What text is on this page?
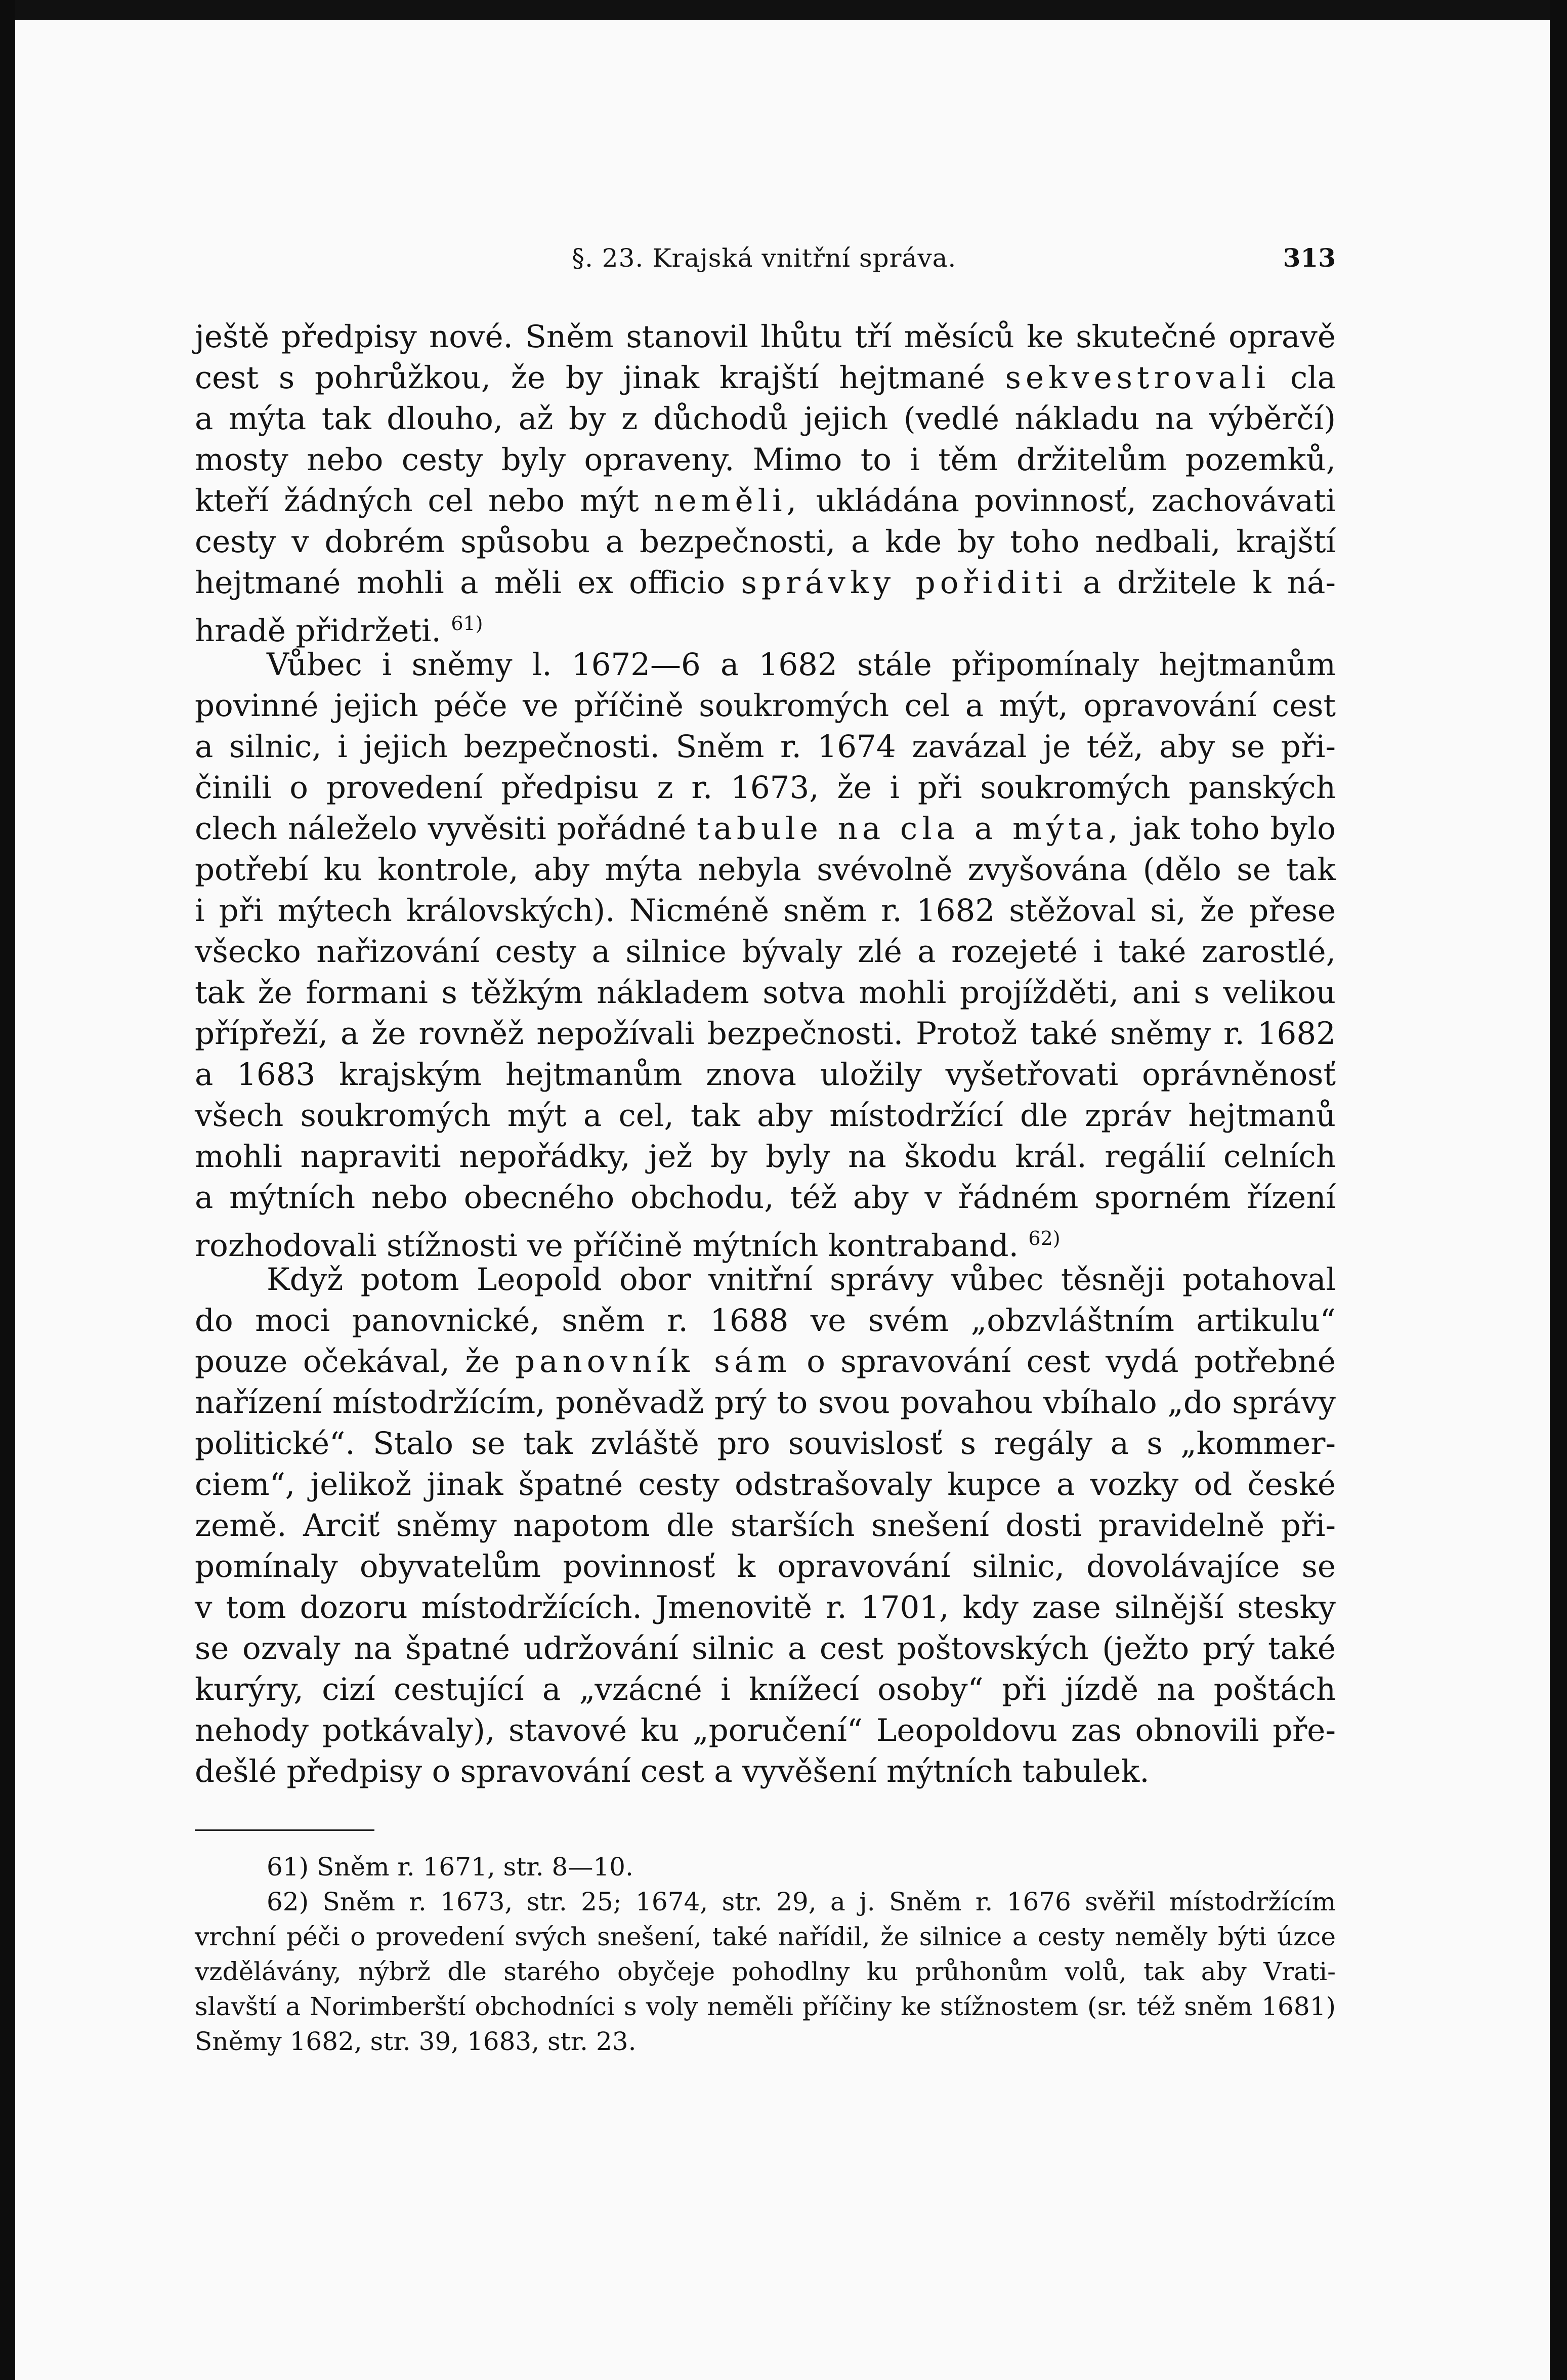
§. 23. Krajská vnitřní správa.	313
ještě předpisy nové. Sněm stanovil lhůtu tří měsíců ke skutečné opravě
cest s pohrůžkou, že by jinak krajští hejtmané sekvestrovali cla
a mýta tak dlouho, až by z důchodů jejich (vedlé nákladu na výběrčí)
mosty nebo cesty byly opraveny. Mimo to i těm držitelům pozemků,
kteří žádných cel nebo mýt neměli, ukládána povinnosť, zachovávati
cesty v dobrém spůsobu a bezpečnosti, a kde by toho nedbali, krajští
hejtmané mohli a měli ex officio správky pořiditi a držitele k ná-
hradě přidržeti. $^{61)}$
Vůbec i sněmy l. 1672—6 a 1682 stále připomínaly hejtmanům
povinné jejich péče ve příčině soukromých cel a mýt, opravování cest
a silnic, i jejich bezpečnosti. Sněm r. 1674 zavázal je též, aby se při-
činili o provedení předpisu z r. 1673, že i při soukromých panských
clech náleželo vyvěsiti pořádné tabule na cla a mýta, jak toho bylo
potřebí ku kontrole, aby mýta nebyla svévolně zvyšována (dělo se tak
i při mýtech královských). Nicméně sněm r. 1682 stěžoval si, že přese
všecko nařizování cesty a silnice bývaly zlé a rozejeté i také zarostlé,
tak že formani s těžkým nákladem sotva mohli projížděti, ani s velikou
přípřeží, a že rovněž nepožívali bezpečnosti. Protož také sněmy r. 1682
a 1683 krajským hejtmanům znova uložily vyšetřovati oprávněnosť
všech soukromých mýt a cel, tak aby místodržící dle zpráv hejtmanů
mohli napraviti nepořádky, jež by byly na škodu král. regálií celních
a mýtních nebo obecného obchodu, též aby v řádném sporném řízení
rozhodovali stížnosti ve příčině mýtních kontraband. $^{62)}$
Když potom Leopold obor vnitřní správy vůbec těsněji potahoval
do moci panovnické, sněm r. 1688 ve svém „obzvláštním artikulu“
pouze očekával, že panovník sám o spravování cest vydá potřebné
nařízení místodržícím, poněvadž prý to svou povahou vbíhalo „do správy
politické“. Stalo se tak zvláště pro souvislosť s regály a s „kommer-
ciem“, jelikož jinak špatné cesty odstrašovaly kupce a vozky od české
země. Arciť sněmy napotom dle starších snešení dosti pravidelně při-
pomínaly obyvatelům povinnosť k opravování silnic, dovolávajíce se
v tom dozoru místodržících. Jmenovitě r. 1701, kdy zase silnější stesky
se ozvaly na špatné udržování silnic a cest poštovských (ježto prý také
kurýry, cizí cestující a „vzácné i knížecí osoby“ při jízdě na poštách
nehody potkávaly), stavové ku „poručení“ Leopoldovu zas obnovili pře-
dešlé předpisy o spravování cest a vyvěšení mýtních tabulek.
61) Sněm r. 1671, str. 8—10.
62) Sněm r. 1673, str. 25; 1674, str. 29, a j. Sněm r. 1676 svěřil místodržícím
vrchní péči o provedení svých snešení, také nařídil, že silnice a cesty neměly býti úzce
vzdělávány, nýbrž dle starého obyčeje pohodlny ku průhonům volů, tak aby Vrati-
slavští a Norimberští obchodníci s voly neměli příčiny ke stížnostem (sr. též sněm 1681)
Sněmy 1682, str. 39, 1683, str. 23.
